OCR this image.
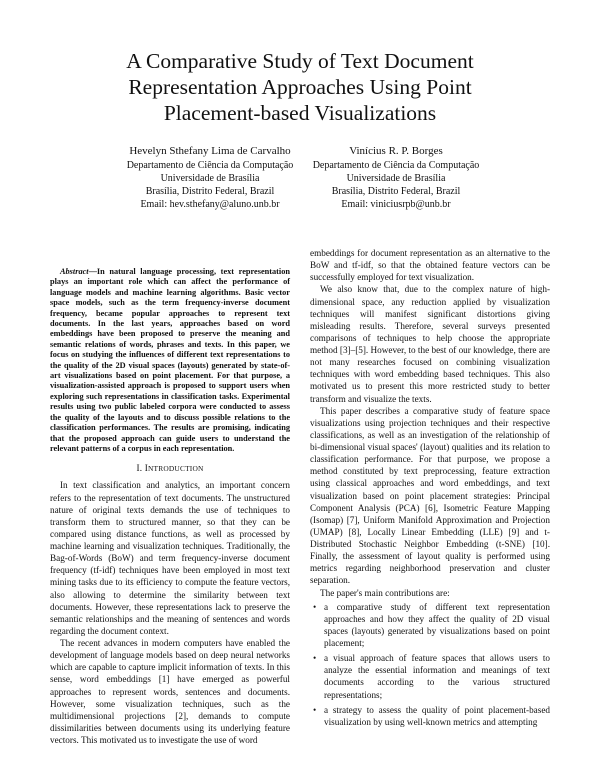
A Comparative Study of Text Document
Representation Approaches Using Point
Placement-based Visualizations
Hevelyn Sthefany Lima de Carvalho
Departamento de Ciência da Computação
Universidade de Brasília
Brasília, Distrito Federal, Brazil
Email: hev.sthefany@aluno.unb.br
Vinícius R. P. Borges
Departamento de Ciência da Computação
Universidade de Brasília
Brasília, Distrito Federal, Brazil
Email: viniciusrpb@unb.br

Abstract—In natural language processing, text representation plays an important role which can affect the performance of language models and machine learning algorithms. Basic vector space models, such as the term frequency-inverse document frequency, became popular approaches to represent text documents. In the last years, approaches based on word embeddings have been proposed to preserve the meaning and semantic relations of words, phrases and texts. In this paper, we focus on studying the influences of different text representations to the quality of the 2D visual spaces (layouts) generated by state-of-art visualizations based on point placement. For that purpose, a visualization-assisted approach is proposed to support users when exploring such representations in classification tasks. Experimental results using two public labeled corpora were conducted to assess the quality of the layouts and to discuss possible relations to the classification performances. The results are promising, indicating that the proposed approach can guide users to understand the relevant patterns of a corpus in each representation.

I. INTRODUCTION

In text classification and analytics, an important concern refers to the representation of text documents. The unstructured nature of original texts demands the use of techniques to transform them to structured manner, so that they can be compared using distance functions, as well as processed by machine learning and visualization techniques. Traditionally, the Bag-of-Words (BoW) and term frequency-inverse document frequency (tf-idf) techniques have been employed in most text mining tasks due to its efficiency to compute the feature vectors, also allowing to determine the similarity between text documents. However, these representations lack to preserve the semantic relationships and the meaning of sentences and words regarding the document context.

The recent advances in modern computers have enabled the development of language models based on deep neural networks which are capable to capture implicit information of texts. In this sense, word embeddings [1] have emerged as powerful approaches to represent words, sentences and documents. However, some visualization techniques, such as the multidimensional projections [2], demands to compute dissimilarities between documents using its underlying feature vectors. This motivated us to investigate the use of word

embeddings for document representation as an alternative to the BoW and tf-idf, so that the obtained feature vectors can be successfully employed for text visualization.

We also know that, due to the complex nature of high-dimensional space, any reduction applied by visualization techniques will manifest significant distortions giving misleading results. Therefore, several surveys presented comparisons of techniques to help choose the appropriate method [3]–[5]. However, to the best of our knowledge, there are not many researches focused on combining visualization techniques with word embedding based techniques. This also motivated us to present this more restricted study to better transform and visualize the texts.

This paper describes a comparative study of feature space visualizations using projection techniques and their respective classifications, as well as an investigation of the relationship of bi-dimensional visual spaces' (layout) qualities and its relation to classification performance. For that purpose, we propose a method constituted by text preprocessing, feature extraction using classical approaches and word embeddings, and text visualization based on point placement strategies: Principal Component Analysis (PCA) [6], Isometric Feature Mapping (Isomap) [7], Uniform Manifold Approximation and Projection (UMAP) [8], Locally Linear Embedding (LLE) [9] and t-Distributed Stochastic Neighbor Embedding (t-SNE) [10]. Finally, the assessment of layout quality is performed using metrics regarding neighborhood preservation and cluster separation.

The paper's main contributions are:

• a comparative study of different text representation approaches and how they affect the quality of 2D visual spaces (layouts) generated by visualizations based on point placement;
• a visual approach of feature spaces that allows users to analyze the essential information and meanings of text documents according to the various structured representations;
• a strategy to assess the quality of point placement-based visualization by using well-known metrics and attempting
